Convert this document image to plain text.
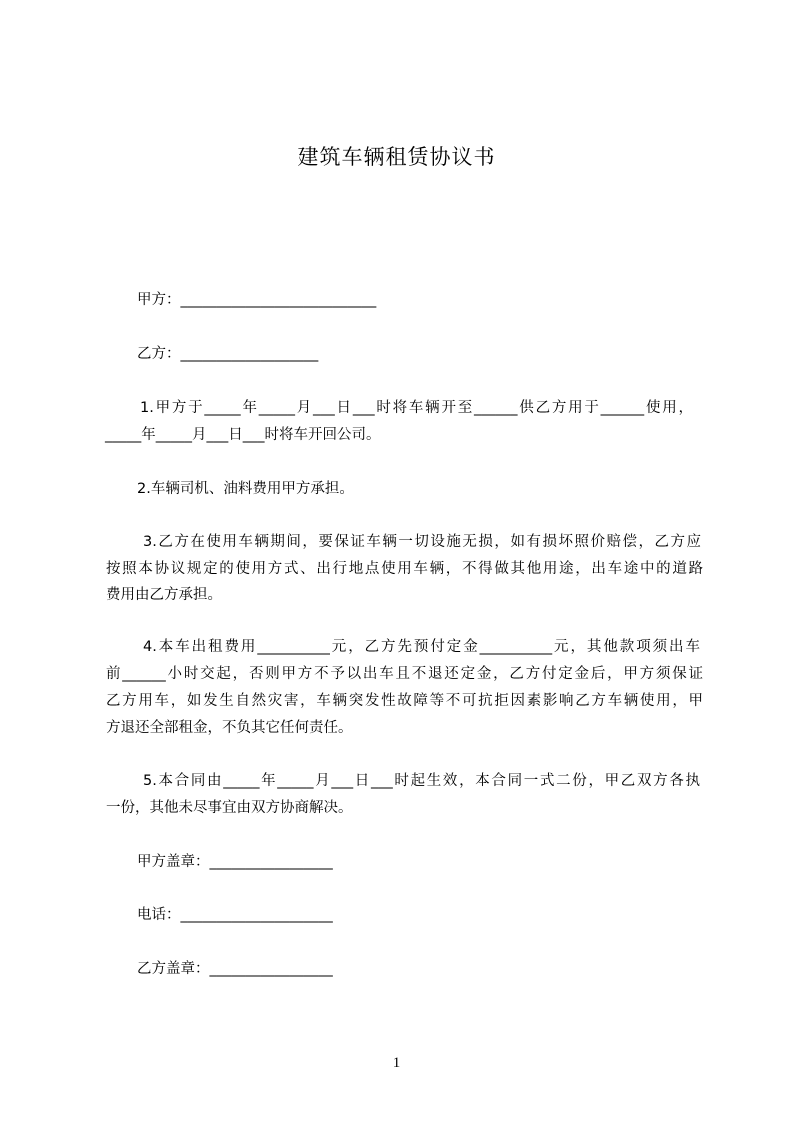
建筑车辆租赁协议书
甲方：___________________________
乙方：___________________
1.甲方于_____年_____月___日___时将车辆开至______供乙方用于______使用，
_____年_____月___日___时将车开回公司。
2.车辆司机、油料费用甲方承担。
3.乙方在使用车辆期间，要保证车辆一切设施无损，如有损坏照价赔偿，乙方应
按照本协议规定的使用方式、出行地点使用车辆，不得做其他用途，出车途中的道路
费用由乙方承担。
4.本车出租费用__________元，乙方先预付定金__________元，其他款项须出车
前______小时交起，否则甲方不予以出车且不退还定金，乙方付定金后，甲方须保证
乙方用车，如发生自然灾害，车辆突发性故障等不可抗拒因素影响乙方车辆使用，甲
方退还全部租金，不负其它任何责任。
5.本合同由_____年_____月___日___时起生效，本合同一式二份，甲乙双方各执
一份，其他未尽事宜由双方协商解决。
甲方盖章：_________________
电话：_____________________
乙方盖章：_________________
1
